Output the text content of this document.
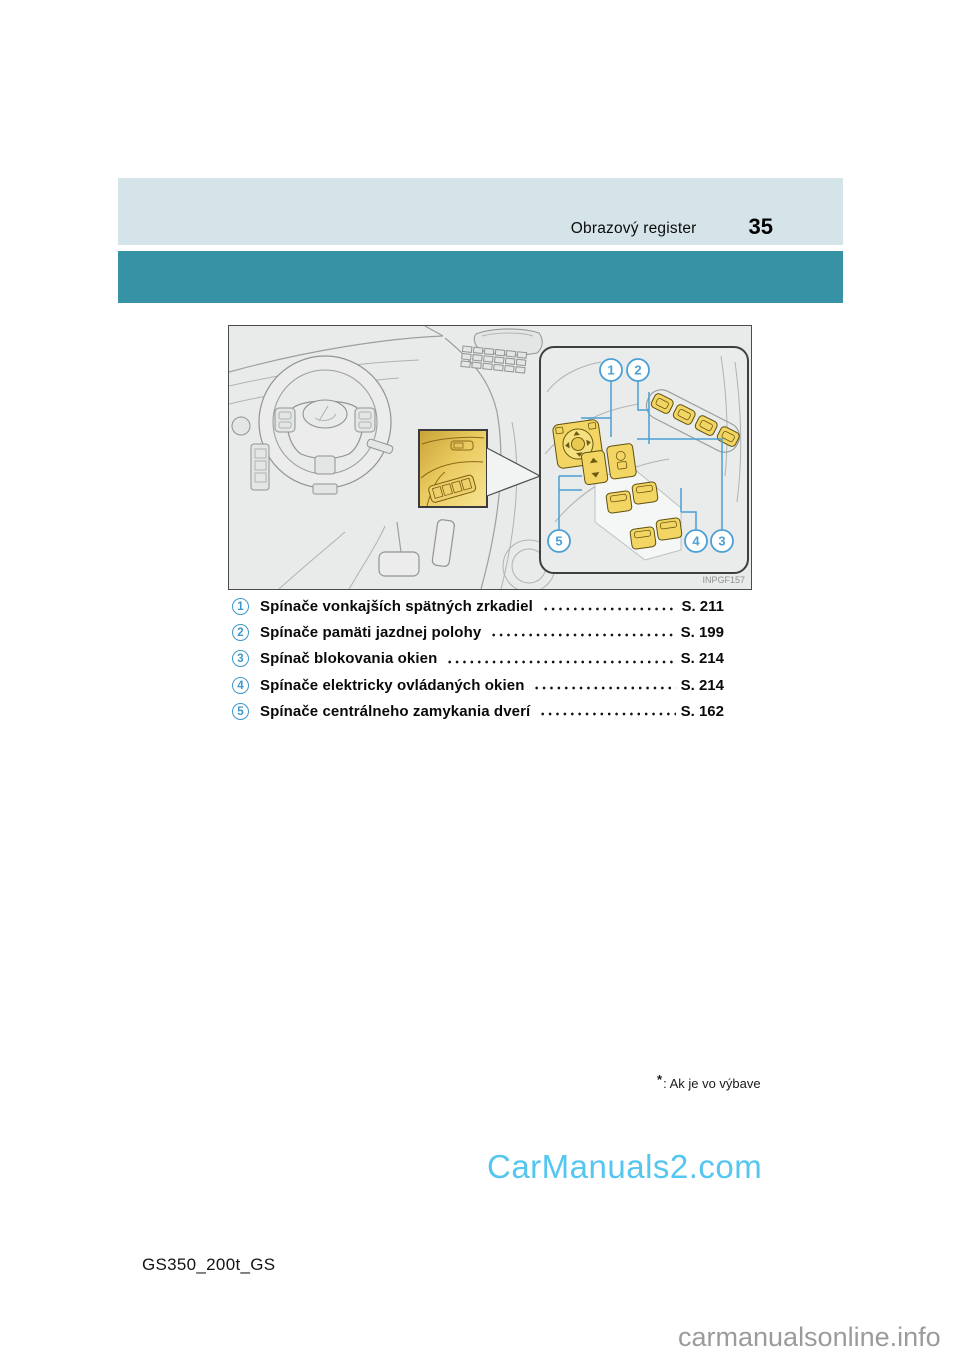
Obrazový register 35
1 2
5	4 3
INPGF157
1	Spínače vonkajších spätných zrkadiel	S. 211
2	Spínače pamäti jazdnej polohy	S. 199
3	Spínač blokovania okien	S. 214
4	Spínače elektricky ovládaných okien	S. 214
5	Spínače centrálneho zamykania dverí	S. 162
*: Ak je vo výbave
CarManuals2.com
GS350_200t_GS
carmanualsonline.info
